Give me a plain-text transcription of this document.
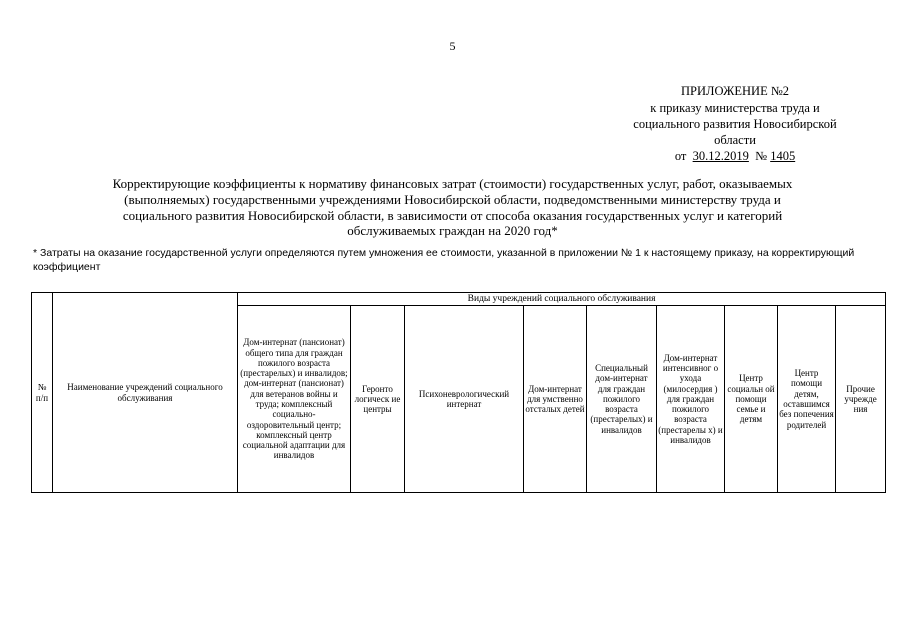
5
ПРИЛОЖЕНИЕ №2
к приказу министерства труда и
социального развития Новосибирской
области
от 30.12.2019 № 1405
Корректирующие коэффициенты к нормативу финансовых затрат (стоимости) государственных услуг, работ, оказываемых
(выполняемых) государственными учреждениями Новосибирской области, подведомственными министерству труда и
социального развития Новосибирской области, в зависимости от способа оказания государственных услуг и категорий
обслуживаемых граждан на 2020 год*
* Затраты на оказание государственной услуги определяются путем умножения ее стоимости, указанной в приложении № 1 к настоящему приказу, на корректирующий коэффициент
№ п/п	Наименование учреждений социального обслуживания	Виды учреждений социального обслуживания								
		Дом-интернат (пансионат) общего типа для граждан пожилого возраста (престарелых) и инвалидов; дом-интернат (пансионат) для ветеранов войны и труда; комплексный социально-оздоровительный центр; комплексный центр социальной адаптации для инвалидов	Геронто логическ ие центры	Психоневрологический интернат	Дом-интернат для умственно отсталых детей	Специальный дом-интернат для граждан пожилого возраста (престарелых) и инвалидов	Дом-интернат интенсивног о ухода (милосердия ) для граждан пожилого возраста (престарелы х) и инвалидов	Центр социальн ой помощи семье и детям	Центр помощи детям, оставшимся без попечения родителей	Прочие учрежде ния
